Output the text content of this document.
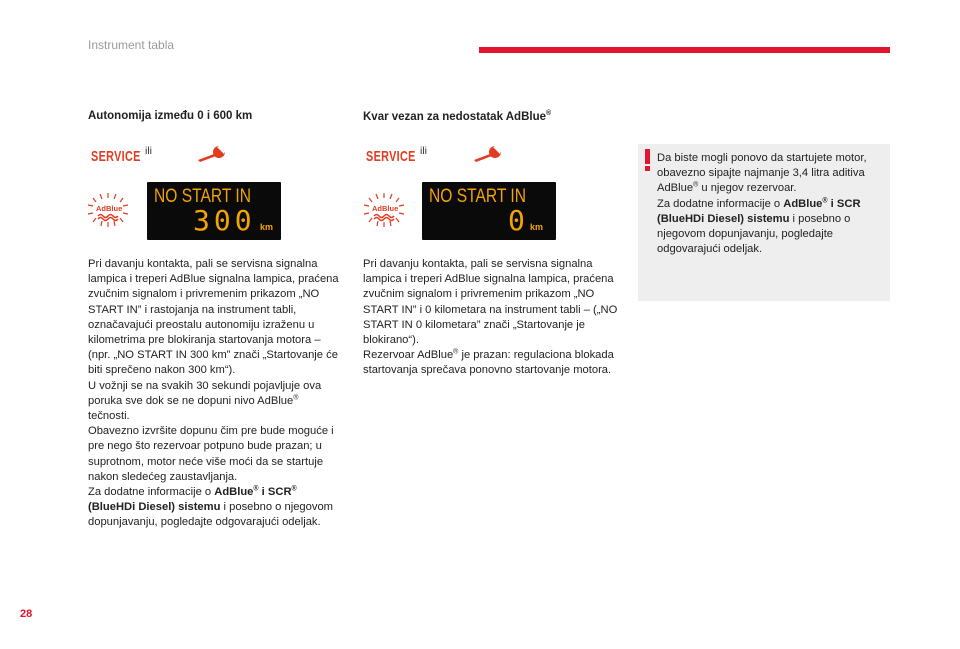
Instrument tabla
28
Autonomija između 0 i 600 km
SERVICE ili
AdBlue
NO START IN
300 km
Pri davanju kontakta, pali se servisna signalna lampica i treperi AdBlue signalna lampica, praćena zvučnim signalom i privremenim prikazom „NO START IN” i rastojanja na instrument tabli, označavajući preostalu autonomiju izraženu u kilometrima pre blokiranja startovanja motora – (npr. „NO START IN 300 km” znači „Startovanje će biti sprečeno nakon 300 km“).
U vožnji se na svakih 30 sekundi pojavljuje ova poruka sve dok se ne dopuni nivo AdBlue®
tečnosti.
Obavezno izvršite dopunu čim pre bude moguće i pre nego što rezervoar potpuno bude prazan; u suprotnom, motor neće više moći da se startuje nakon sledećeg zaustavljanja.
Za dodatne informacije o AdBlue® i SCR®
(BlueHDi Diesel) sistemu i posebno o njegovom dopunjavanju, pogledajte odgovarajući odeljak.
Kvar vezan za nedostatak AdBlue®
SERVICE ili
AdBlue
NO START IN
0 km
Pri davanju kontakta, pali se servisna signalna lampica i treperi AdBlue signalna lampica, praćena zvučnim signalom i privremenim prikazom „NO START IN” i 0 kilometara na instrument tabli – („NO START IN 0 kilometara” znači „Startovanje je blokirano“).
Rezervoar AdBlue® je prazan: regulaciona blokada startovanja sprečava ponovno startovanje motora.
Da biste mogli ponovo da startujete motor, obavezno sipajte najmanje 3,4 litra aditiva AdBlue® u njegov rezervoar.
Za dodatne informacije o AdBlue® i SCR (BlueHDi Diesel) sistemu i posebno o njegovom dopunjavanju, pogledajte odgovarajući odeljak.
